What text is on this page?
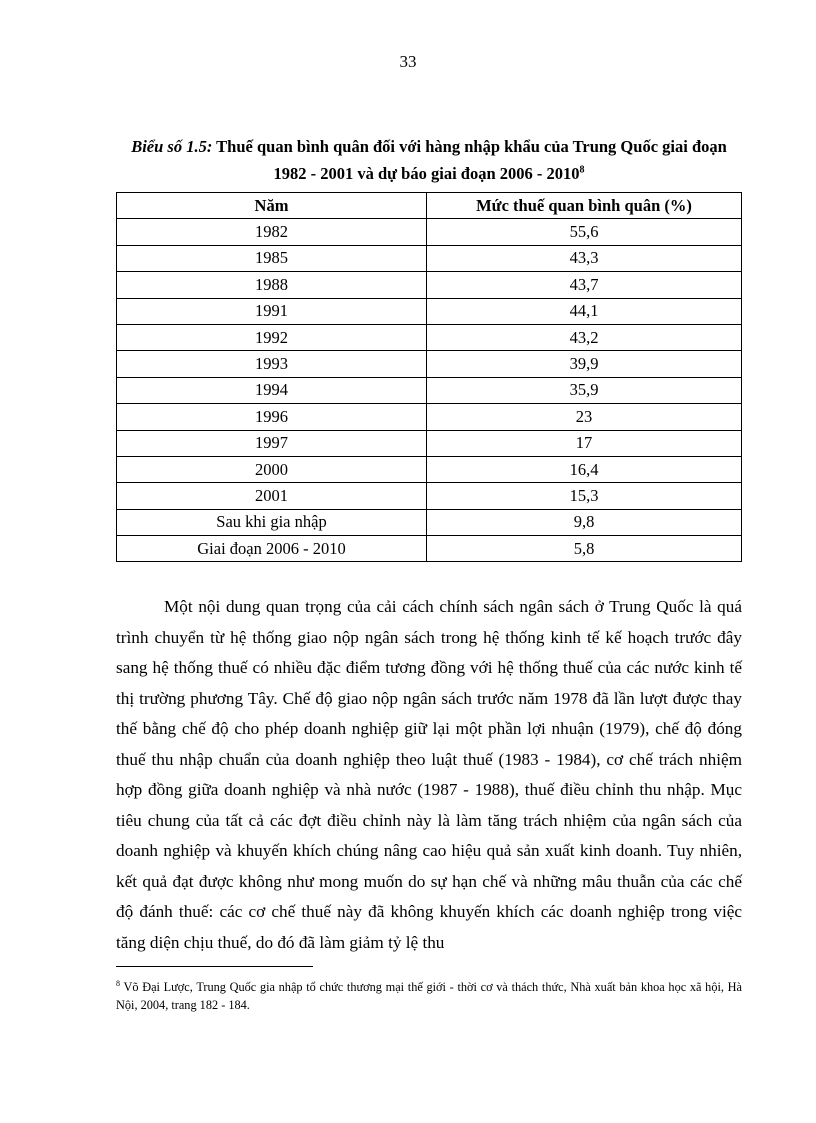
33
Biểu số 1.5: Thuế quan bình quân đối với hàng nhập khẩu của Trung Quốc giai đoạn 1982 - 2001 và dự báo giai đoạn 2006 - 2010$^8$
Năm	Mức thuế quan bình quân (%)
1982	55,6
1985	43,3
1988	43,7
1991	44,1
1992	43,2
1993	39,9
1994	35,9
1996	23
1997	17
2000	16,4
2001	15,3
Sau khi gia nhập	9,8
Giai đoạn 2006 - 2010	5,8

Một nội dung quan trọng của cải cách chính sách ngân sách ở Trung Quốc là quá trình chuyển từ hệ thống giao nộp ngân sách trong hệ thống kinh tế kế hoạch trước đây sang hệ thống thuế có nhiều đặc điểm tương đồng với hệ thống thuế của các nước kinh tế thị trường phương Tây. Chế độ giao nộp ngân sách trước năm 1978 đã lần lượt được thay thế bằng chế độ cho phép doanh nghiệp giữ lại một phần lợi nhuận (1979), chế độ đóng thuế thu nhập chuẩn của doanh nghiệp theo luật thuế (1983 - 1984), cơ chế trách nhiệm hợp đồng giữa doanh nghiệp và nhà nước (1987 - 1988), thuế điều chỉnh thu nhập. Mục tiêu chung của tất cả các đợt điều chỉnh này là làm tăng trách nhiệm của ngân sách của doanh nghiệp và khuyến khích chúng nâng cao hiệu quả sản xuất kinh doanh. Tuy nhiên, kết quả đạt được không như mong muốn do sự hạn chế và những mâu thuẫn của các chế độ đánh thuế: các cơ chế thuế này đã không khuyến khích các doanh nghiệp trong việc tăng diện chịu thuế, do đó đã làm giảm tỷ lệ thu

$^8$ Võ Đại Lược, Trung Quốc gia nhập tổ chức thương mại thế giới - thời cơ và thách thức, Nhà xuất bản khoa học xã hội, Hà Nội, 2004, trang 182 - 184.
